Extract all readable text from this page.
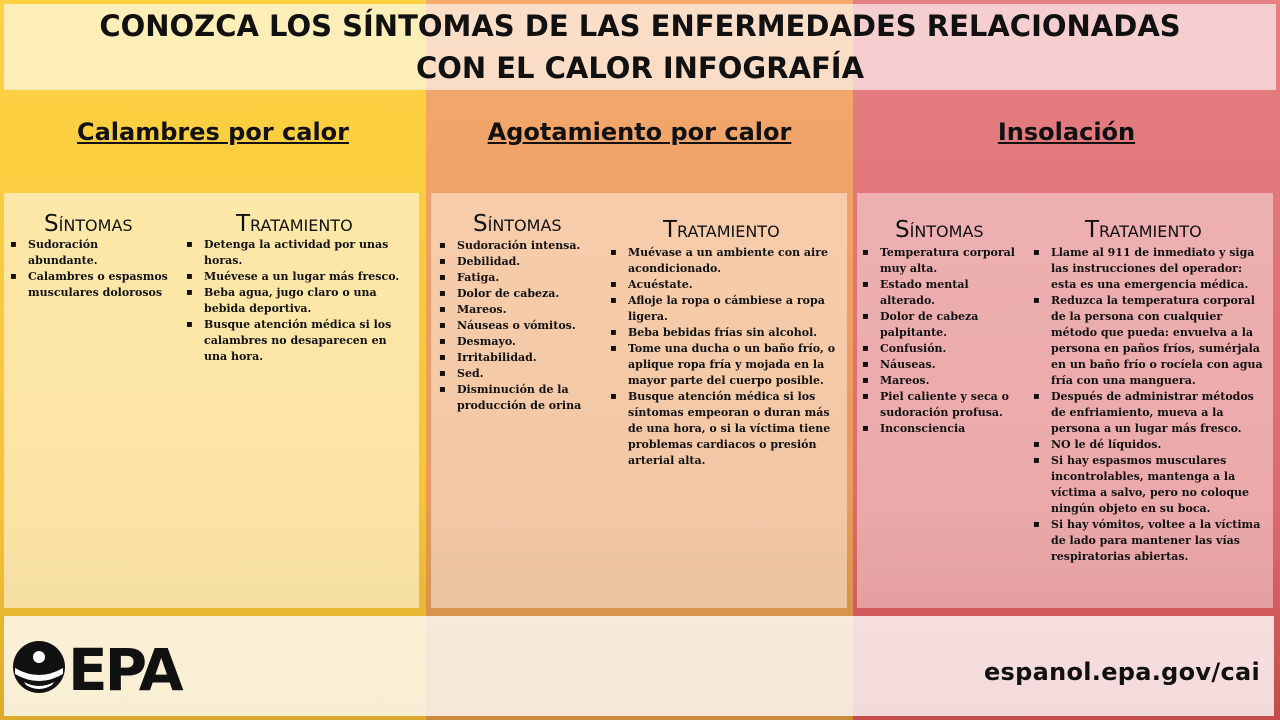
CONOZCA LOS SÍNTOMAS DE LAS ENFERMEDADES RELACIONADAS
CON EL CALOR INFOGRAFÍA
Calambres por calor	Agotamiento por calor	Insolación
Síntomas	Tratamiento
▪ Sudoración abundante.
▪ Calambres o espasmos musculares dolorosos
▪ Detenga la actividad por unas horas.
▪ Muévese a un lugar más fresco.
▪ Beba agua, jugo claro o una bebida deportiva.
▪ Busque atención médica si los calambres no desaparecen en una hora.
Síntomas	Tratamiento
▪ Sudoración intensa.
▪ Debilidad.
▪ Fatiga.
▪ Dolor de cabeza.
▪ Mareos.
▪ Náuseas o vómitos.
▪ Desmayo.
▪ Irritabilidad.
▪ Sed.
▪ Disminución de la producción de orina
▪ Muévase a un ambiente con aire acondicionado.
▪ Acuéstate.
▪ Afloje la ropa o cámbiese a ropa ligera.
▪ Beba bebidas frías sin alcohol.
▪ Tome una ducha o un baño frío, o aplique ropa fría y mojada en la mayor parte del cuerpo posible.
▪ Busque atención médica si los síntomas empeoran o duran más de una hora, o si la víctima tiene problemas cardiacos o presión arterial alta.
Síntomas	Tratamiento
▪ Temperatura corporal muy alta.
▪ Estado mental alterado.
▪ Dolor de cabeza palpitante.
▪ Confusión.
▪ Náuseas.
▪ Mareos.
▪ Piel caliente y seca o sudoración profusa.
▪ Inconsciencia
▪ Llame al 911 de inmediato y siga las instrucciones del operador: esta es una emergencia médica.
▪ Reduzca la temperatura corporal de la persona con cualquier método que pueda: envuelva a la persona en paños fríos, sumérjala en un baño frío o rocíela con agua fría con una manguera.
▪ Después de administrar métodos de enfriamiento, mueva a la persona a un lugar más fresco.
▪ NO le dé líquidos.
▪ Si hay espasmos musculares incontrolables, mantenga a la víctima a salvo, pero no coloque ningún objeto en su boca.
▪ Si hay vómitos, voltee a la víctima de lado para mantener las vías respiratorias abiertas.
EPA	espanol.epa.gov/cai
